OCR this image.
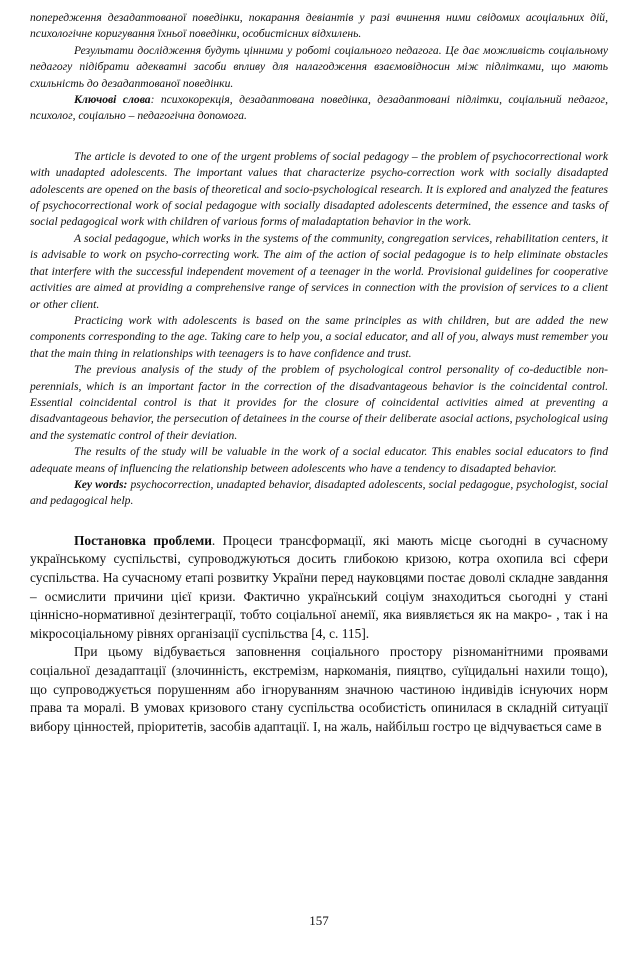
попередження дезадаптованої поведінки, покарання девіантів у разі вчинення ними свідомих асоціальних дій, психологічне коригування їхньої поведінки, особистісних відхилень.

Результати дослідження будуть цінними у роботі соціального педагога. Це дає можливість соціальному педагогу підібрати адекватні засоби впливу для налагодження взаємовідносин між підлітками, що мають схильність до дезадаптованої поведінки.

Ключові слова: психокорекція, дезадаптована поведінка, дезадаптовані підлітки, соціальний педагог, психолог, соціально – педагогічна допомога.

The article is devoted to one of the urgent problems of social pedagogy – the problem of psychocorrectional work with unadapted adolescents. The important values that characterize psycho-correction work with socially disadapted adolescents are opened on the basis of theoretical and socio-psychological research. It is explored and analyzed the features of psychocorrectional work of social pedagogue with socially disadapted adolescents determined, the essence and tasks of social pedagogical work with children of various forms of maladaptation behavior in the work.

A social pedagogue, which works in the systems of the community, congregation services, rehabilitation centers, it is advisable to work on psycho-correcting work. The aim of the action of social pedagogue is to help eliminate obstacles that interfere with the successful independent movement of a teenager in the world. Provisional guidelines for cooperative activities are aimed at providing a comprehensive range of services in connection with the provision of services to a client or other client.

Practicing work with adolescents is based on the same principles as with children, but are added the new components corresponding to the age. Taking care to help you, a social educator, and all of you, always must remember you that the main thing in relationships with teenagers is to have confidence and trust.

The previous analysis of the study of the problem of psychological control personality of co-deductible non-perennials, which is an important factor in the correction of the disadvantageous behavior is the coincidental control. Essential coincidental control is that it provides for the closure of coincidental activities aimed at preventing a disadvantageous behavior, the persecution of detainees in the course of their deliberate asocial actions, psychological using and the systematic control of their deviation.

The results of the study will be valuable in the work of a social educator. This enables social educators to find adequate means of influencing the relationship between adolescents who have a tendency to disadapted behavior.

Key words: psychocorrection, unadapted behavior, disadapted adolescents, social pedagogue, psychologist, social and pedagogical help.

Постановка проблеми. Процеси трансформації, які мають місце сьогодні в сучасному українському суспільстві, супроводжуються досить глибокою кризою, котра охопила всі сфери суспільства. На сучасному етапі розвитку України перед науковцями постає доволі складне завдання – осмислити причини цієї кризи. Фактично український соціум знаходиться сьогодні у стані ціннісно-нормативної дезінтеграції, тобто соціальної анемії, яка виявляється як на макро- , так і на мікросоціальному рівнях організації суспільства [4, с. 115].

При цьому відбувається заповнення соціального простору різноманітними проявами соціальної дезадаптації (злочинність, екстремізм, наркоманія, пияцтво, суїцидальні нахили тощо), що супроводжується порушенням або ігноруванням значною частиною індивідів існуючих норм права та моралі. В умовах кризового стану суспільства особистість опинилася в складній ситуації вибору цінностей, пріоритетів, засобів адаптації. І, на жаль, найбільш гостро це відчувається саме в

157
